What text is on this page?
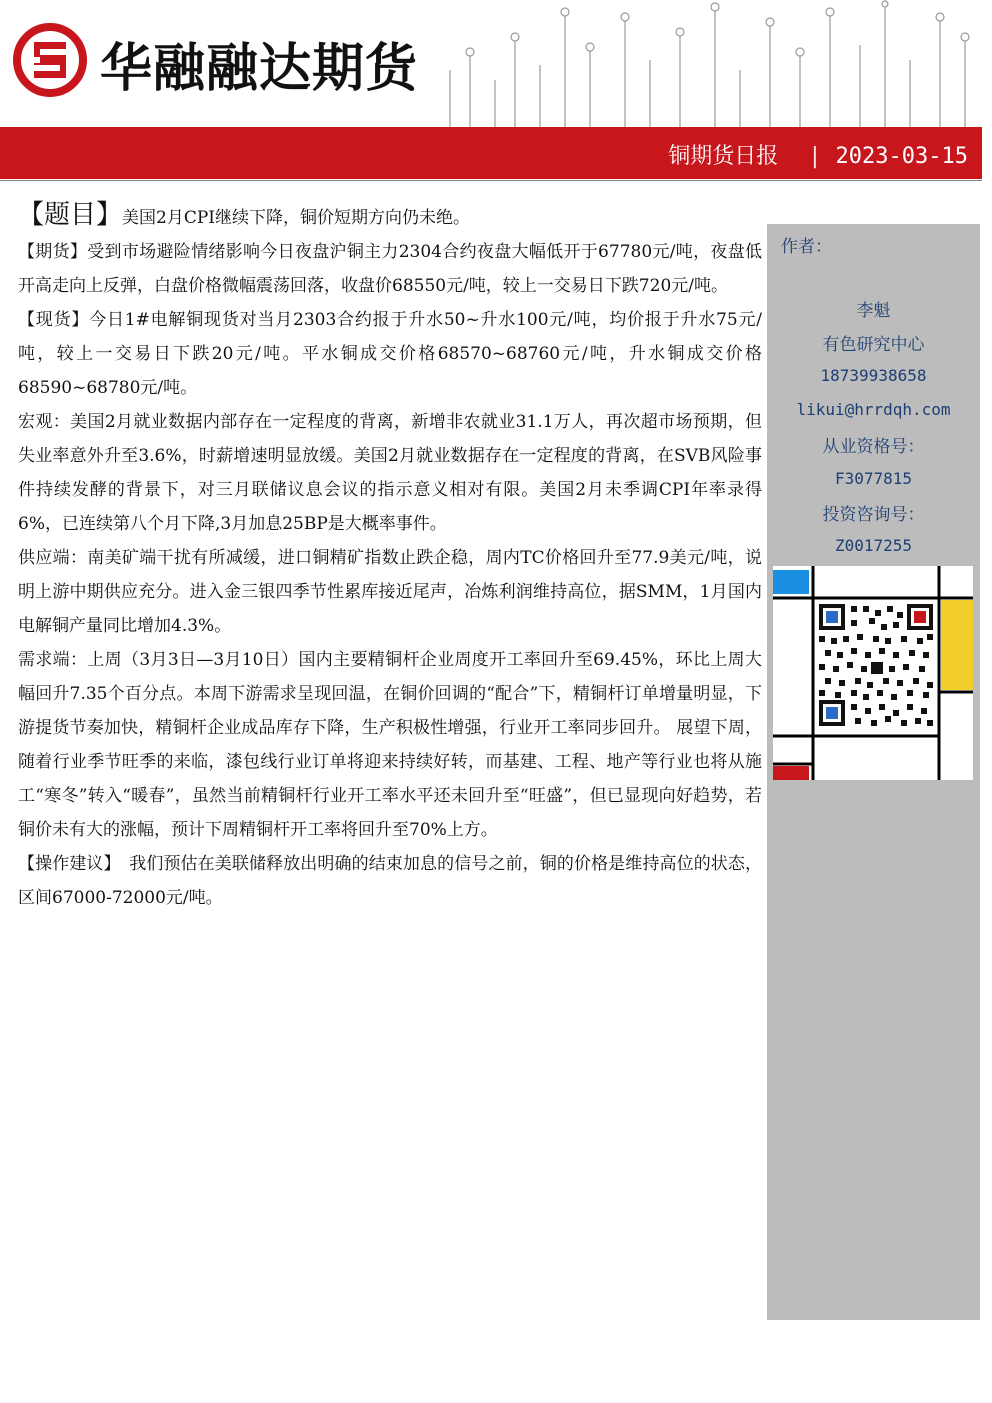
华融融达期货
铜期货日报 | 2023-03-15
作者：
李魁
有色研究中心
18739938658
likui@hrrdqh.com
从业资格号：
F3077815
投资咨询号：
Z0017255

【题目】美国2月CPI继续下降，铜价短期方向仍未绝。

【期货】受到市场避险情绪影响今日夜盘沪铜主力2304合约夜盘大幅低开于67780元/吨，夜盘低开高走向上反弹，白盘价格微幅震荡回落，收盘价68550元/吨，较上一交易日下跌720元/吨。

【现货】今日1#电解铜现货对当月2303合约报于升水50~升水100元/吨，均价报于升水75元/吨，较上一交易日下跌20元/吨。平水铜成交价格68570~68760元/吨，升水铜成交价格68590~68780元/吨。

宏观：美国2月就业数据内部存在一定程度的背离，新增非农就业31.1万人，再次超市场预期，但失业率意外升至3.6%，时薪增速明显放缓。美国2月就业数据存在一定程度的背离，在SVB风险事件持续发酵的背景下，对三月联储议息会议的指示意义相对有限。美国2月未季调CPI年率录得6%，已连续第八个月下降,3月加息25BP是大概率事件。

供应端：南美矿端干扰有所减缓，进口铜精矿指数止跌企稳，周内TC价格回升至77.9美元/吨，说明上游中期供应充分。进入金三银四季节性累库接近尾声，冶炼利润维持高位，据SMM，1月国内电解铜产量同比增加4.3%。

需求端：上周（3月3日—3月10日）国内主要精铜杆企业周度开工率回升至69.45%，环比上周大幅回升7.35个百分点。本周下游需求呈现回温，在铜价回调的“配合”下，精铜杆订单增量明显，下游提货节奏加快，精铜杆企业成品库存下降，生产积极性增强，行业开工率同步回升。 展望下周，随着行业季节旺季的来临，漆包线行业订单将迎来持续好转，而基建、工程、地产等行业也将从施工“寒冬”转入“暖春”，虽然当前精铜杆行业开工率水平还未回升至“旺盛”，但已显现向好趋势，若铜价未有大的涨幅，预计下周精铜杆开工率将回升至70%上方。

【操作建议】　我们预估在美联储释放出明确的结束加息的信号之前，铜的价格是维持高位的状态，区间67000-72000元/吨。
